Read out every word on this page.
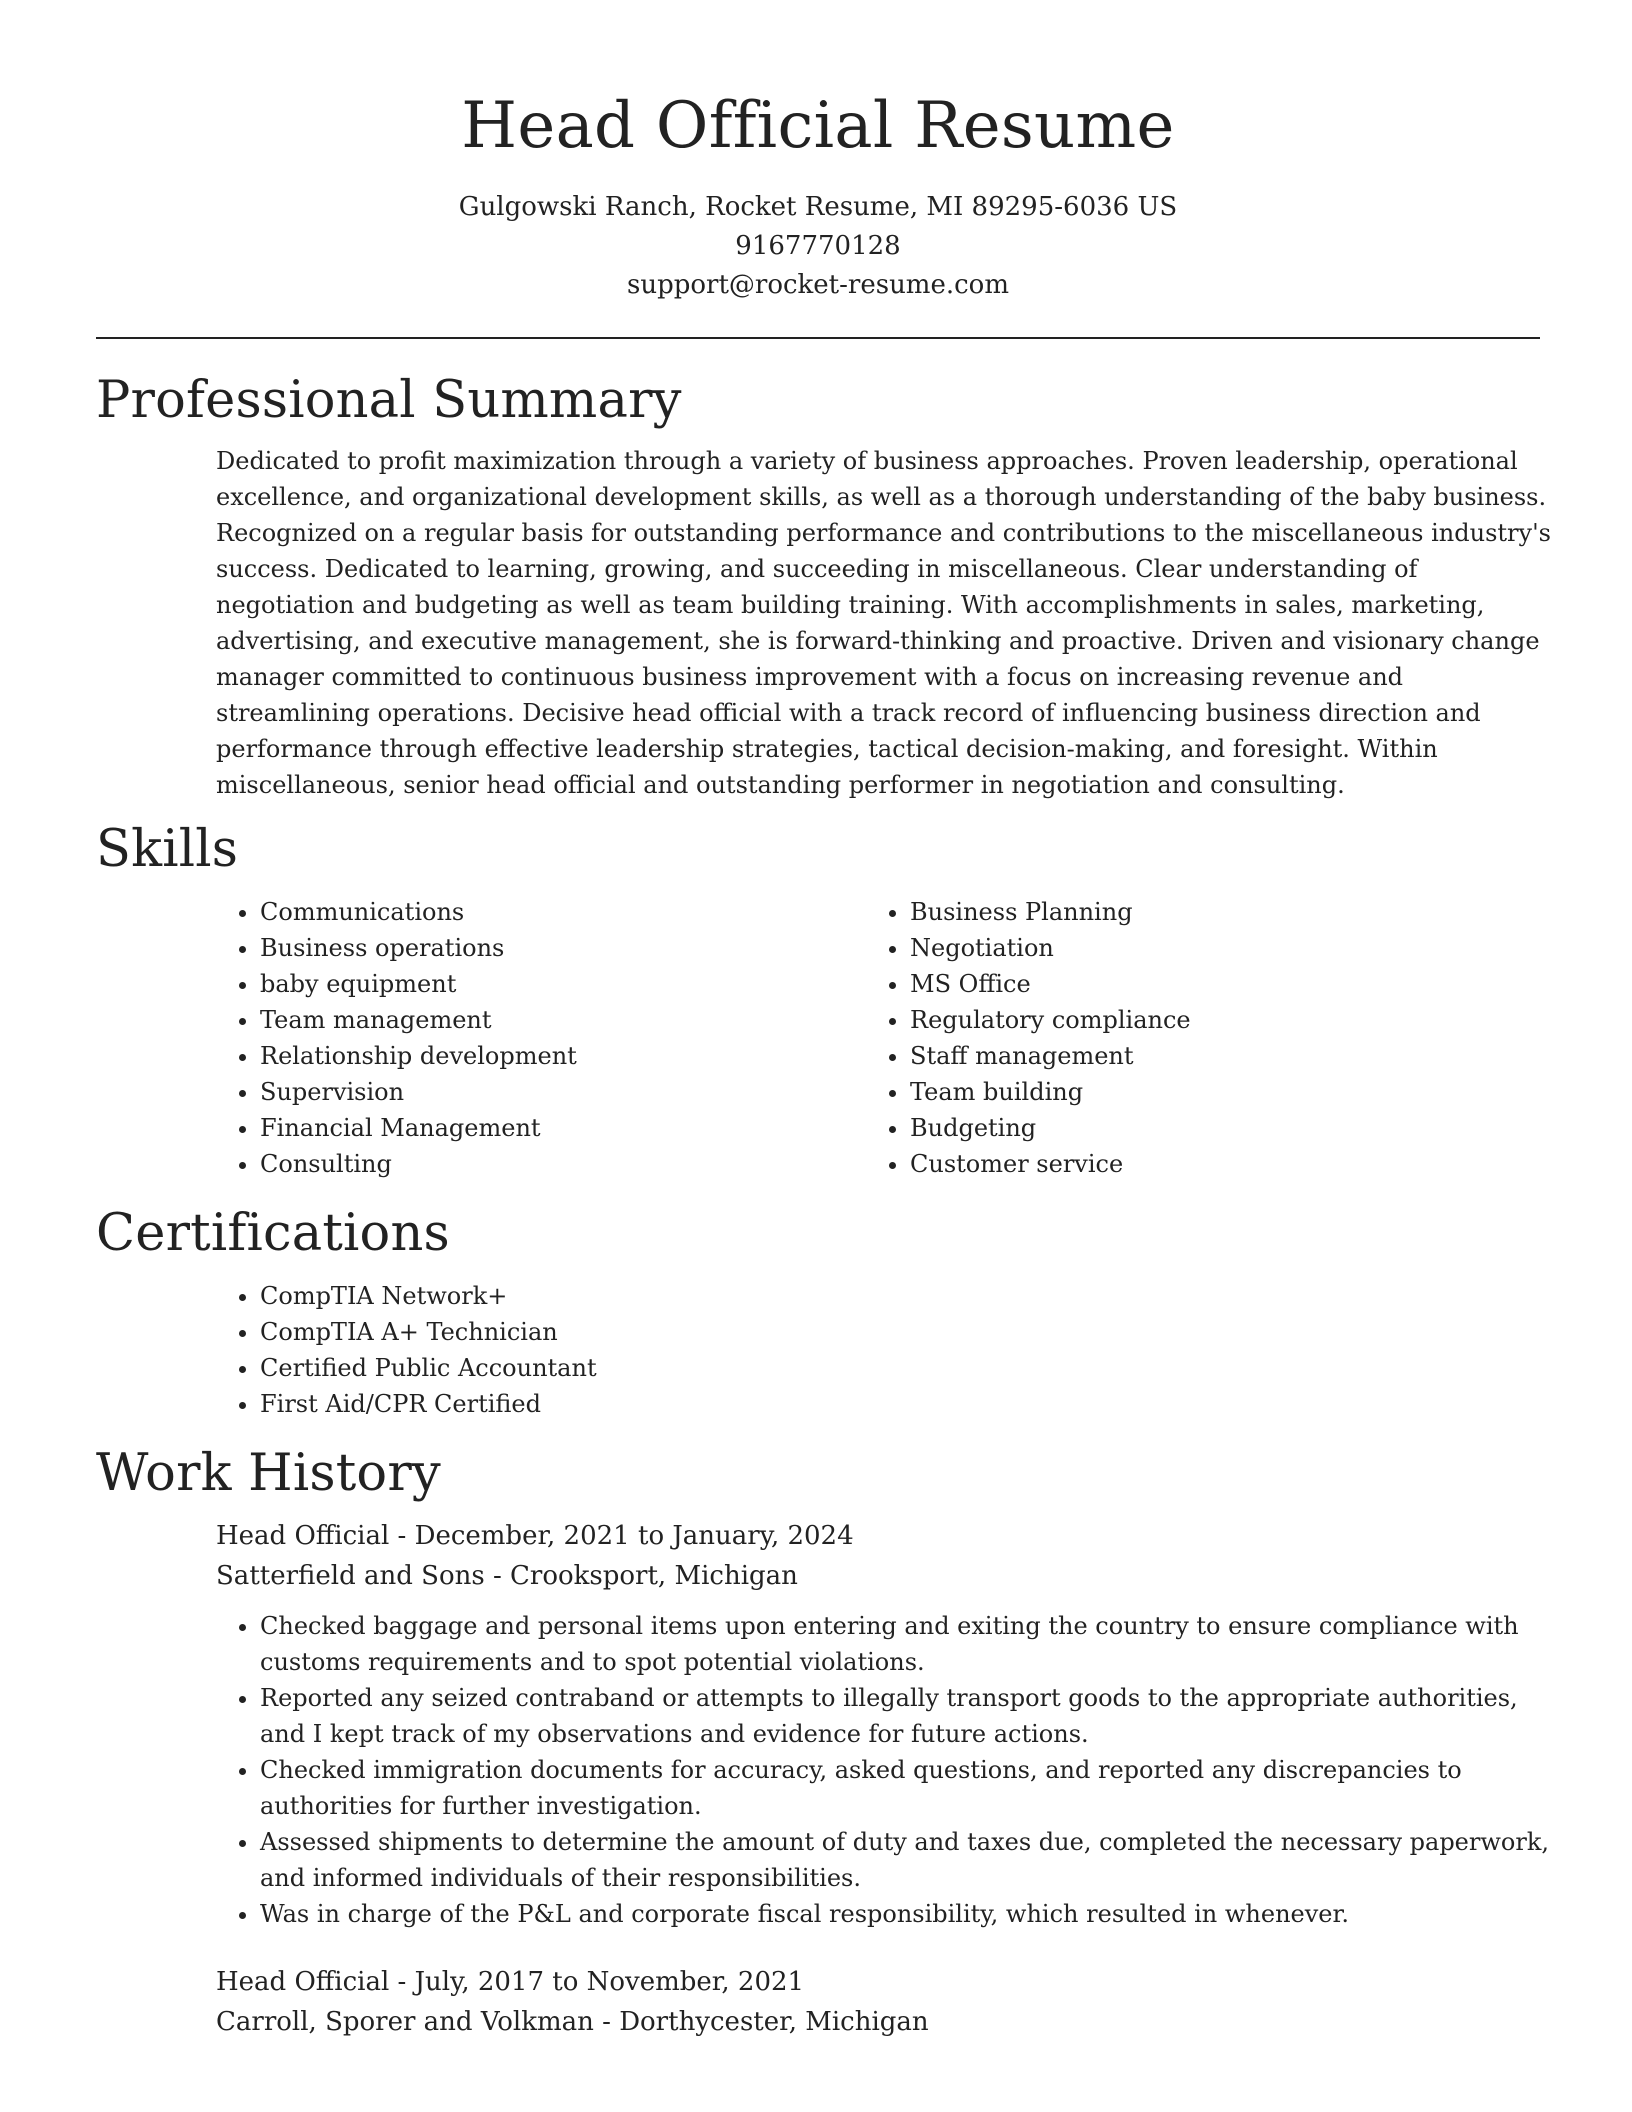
Head Official Resume
Gulgowski Ranch, Rocket Resume, MI 89295-6036 US
9167770128
support@rocket-resume.com
Professional Summary

Dedicated to profit maximization through a variety of business approaches. Proven leadership, operational excellence, and organizational development skills, as well as a thorough understanding of the baby business. Recognized on a regular basis for outstanding performance and contributions to the miscellaneous industry's success. Dedicated to learning, growing, and succeeding in miscellaneous. Clear understanding of negotiation and budgeting as well as team building training. With accomplishments in sales, marketing, advertising, and executive management, she is forward-thinking and proactive. Driven and visionary change manager committed to continuous business improvement with a focus on increasing revenue and streamlining operations. Decisive head official with a track record of influencing business direction and performance through effective leadership strategies, tactical decision-making, and foresight. Within miscellaneous, senior head official and outstanding performer in negotiation and consulting.

Skills
• Communications
• Business operations
• baby equipment
• Team management
• Relationship development
• Supervision
• Financial Management
• Consulting
• Business Planning
• Negotiation
• MS Office
• Regulatory compliance
• Staff management
• Team building
• Budgeting
• Customer service
Certifications
• CompTIA Network+
• CompTIA A+ Technician
• Certified Public Accountant
• First Aid/CPR Certified
Work History
Head Official - December, 2021 to January, 2024
Satterfield and Sons - Crooksport, Michigan
• Checked baggage and personal items upon entering and exiting the country to ensure compliance with customs requirements and to spot potential violations.
• Reported any seized contraband or attempts to illegally transport goods to the appropriate authorities, and I kept track of my observations and evidence for future actions.
• Checked immigration documents for accuracy, asked questions, and reported any discrepancies to authorities for further investigation.
• Assessed shipments to determine the amount of duty and taxes due, completed the necessary paperwork, and informed individuals of their responsibilities.
• Was in charge of the P&L and corporate fiscal responsibility, which resulted in whenever.
Head Official - July, 2017 to November, 2021
Carroll, Sporer and Volkman - Dorthycester, Michigan
